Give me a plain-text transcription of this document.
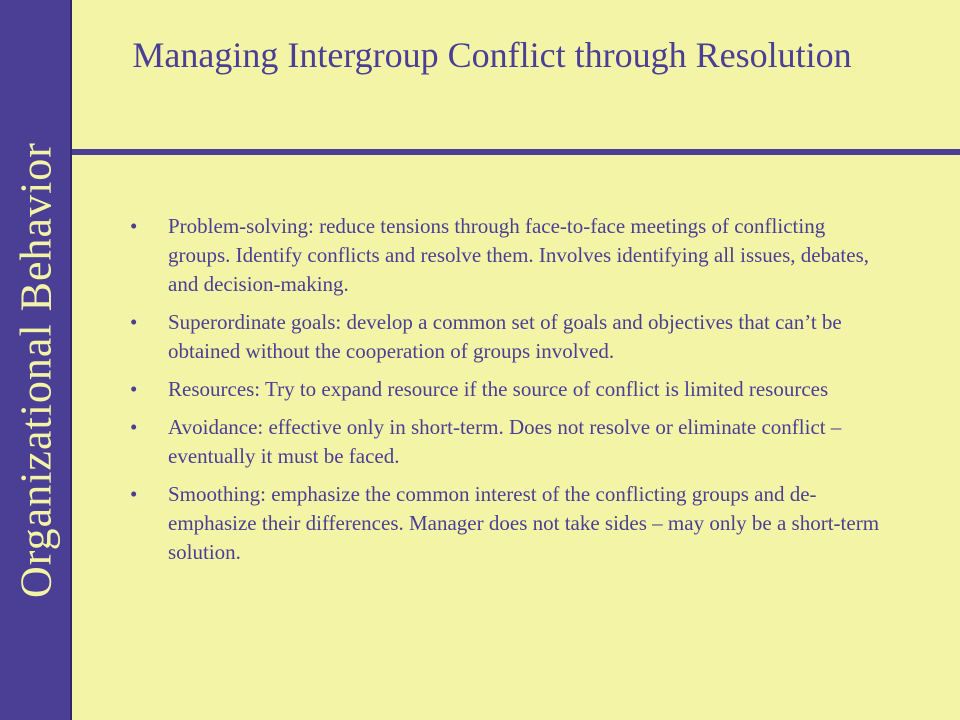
Organizational Behavior
Managing Intergroup Conflict through Resolution
• Problem-solving: reduce tensions through face-to-face meetings of conflicting groups. Identify conflicts and resolve them. Involves identifying all issues, debates, and decision-making.
• Superordinate goals: develop a common set of goals and objectives that can’t be obtained without the cooperation of groups involved.
• Resources: Try to expand resource if the source of conflict is limited resources
• Avoidance: effective only in short-term. Does not resolve or eliminate conflict – eventually it must be faced.
• Smoothing: emphasize the common interest of the conflicting groups and de-emphasize their differences. Manager does not take sides – may only be a short-term solution.
